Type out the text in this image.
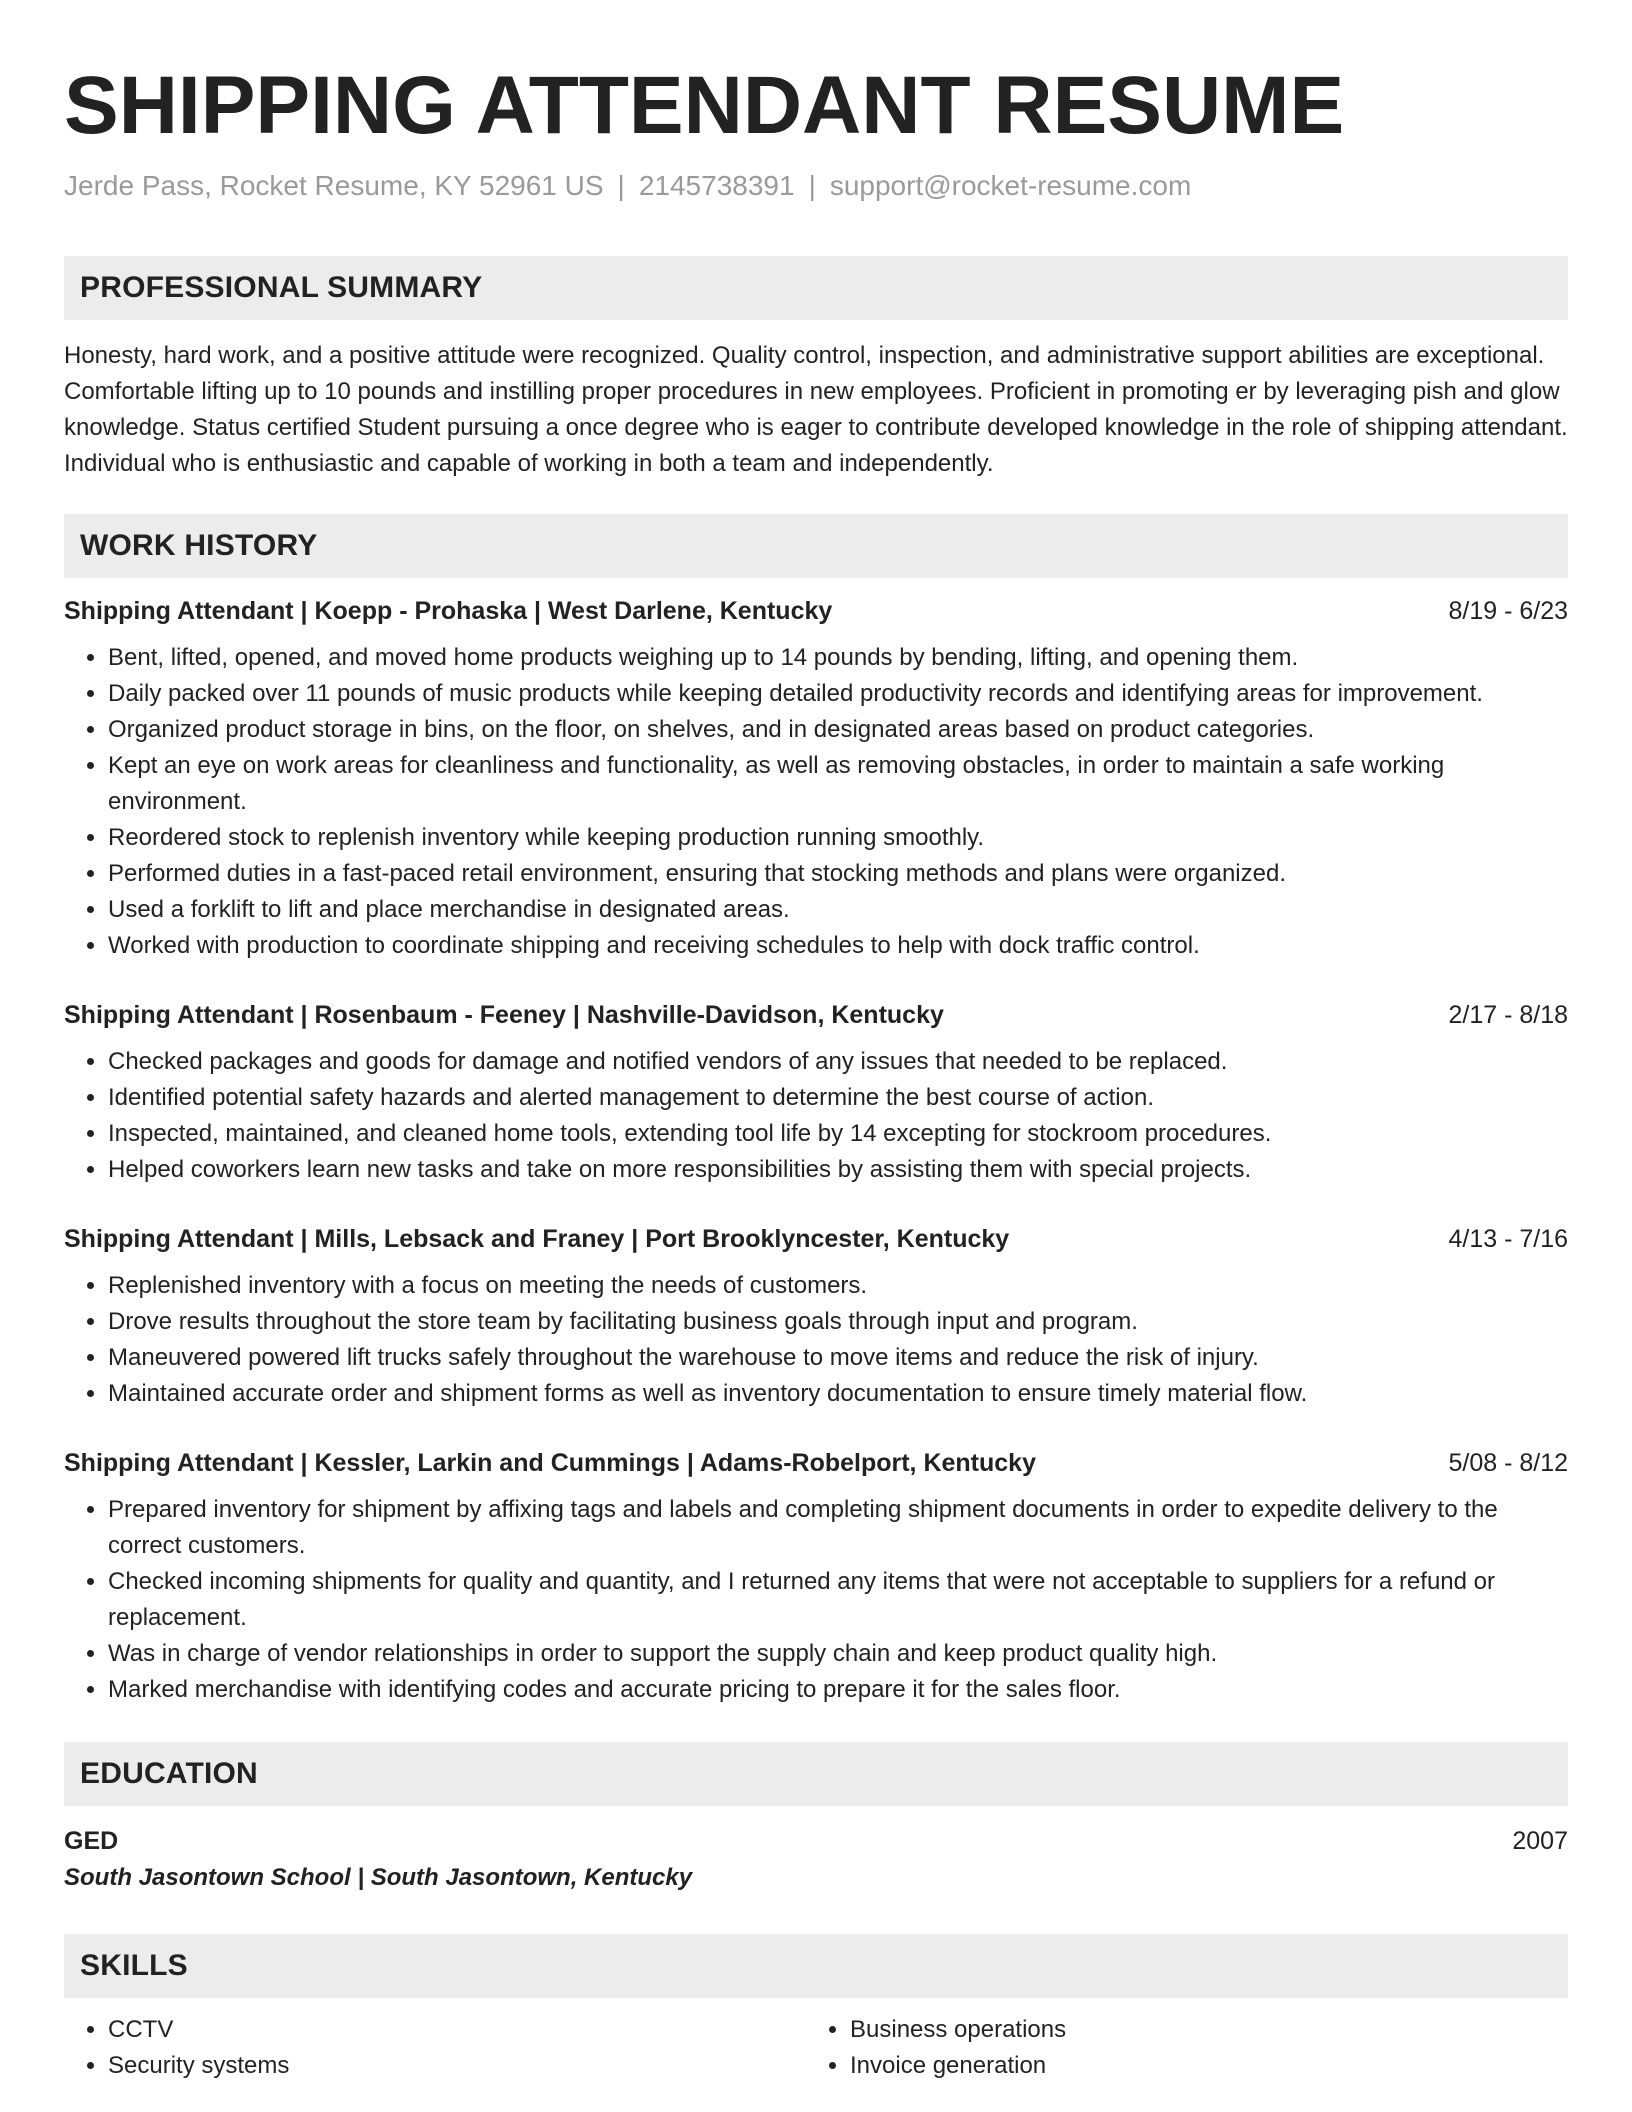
SHIPPING ATTENDANT RESUME
Jerde Pass, Rocket Resume, KY 52961 US | 2145738391 | support@rocket-resume.com
PROFESSIONAL SUMMARY

Honesty, hard work, and a positive attitude were recognized. Quality control, inspection, and administrative support abilities are exceptional. Comfortable lifting up to 10 pounds and instilling proper procedures in new employees. Proficient in promoting er by leveraging pish and glow knowledge. Status certified Student pursuing a once degree who is eager to contribute developed knowledge in the role of shipping attendant. Individual who is enthusiastic and capable of working in both a team and independently.

WORK HISTORY
Shipping Attendant | Koepp - Prohaska | West Darlene, Kentucky	8/19 - 6/23
• Bent, lifted, opened, and moved home products weighing up to 14 pounds by bending, lifting, and opening them.
• Daily packed over 11 pounds of music products while keeping detailed productivity records and identifying areas for improvement.
• Organized product storage in bins, on the floor, on shelves, and in designated areas based on product categories.
• Kept an eye on work areas for cleanliness and functionality, as well as removing obstacles, in order to maintain a safe working environment.
• Reordered stock to replenish inventory while keeping production running smoothly.
• Performed duties in a fast-paced retail environment, ensuring that stocking methods and plans were organized.
• Used a forklift to lift and place merchandise in designated areas.
• Worked with production to coordinate shipping and receiving schedules to help with dock traffic control.
Shipping Attendant | Rosenbaum - Feeney | Nashville-Davidson, Kentucky	2/17 - 8/18
• Checked packages and goods for damage and notified vendors of any issues that needed to be replaced.
• Identified potential safety hazards and alerted management to determine the best course of action.
• Inspected, maintained, and cleaned home tools, extending tool life by 14 excepting for stockroom procedures.
• Helped coworkers learn new tasks and take on more responsibilities by assisting them with special projects.
Shipping Attendant | Mills, Lebsack and Franey | Port Brooklyncester, Kentucky	4/13 - 7/16
• Replenished inventory with a focus on meeting the needs of customers.
• Drove results throughout the store team by facilitating business goals through input and program.
• Maneuvered powered lift trucks safely throughout the warehouse to move items and reduce the risk of injury.
• Maintained accurate order and shipment forms as well as inventory documentation to ensure timely material flow.
Shipping Attendant | Kessler, Larkin and Cummings | Adams-Robelport, Kentucky	5/08 - 8/12
• Prepared inventory for shipment by affixing tags and labels and completing shipment documents in order to expedite delivery to the correct customers.
• Checked incoming shipments for quality and quantity, and I returned any items that were not acceptable to suppliers for a refund or replacement.
• Was in charge of vendor relationships in order to support the supply chain and keep product quality high.
• Marked merchandise with identifying codes and accurate pricing to prepare it for the sales floor.
EDUCATION
GED	2007
South Jasontown School | South Jasontown, Kentucky
SKILLS
• CCTV
• Security systems
• Business operations
• Invoice generation
